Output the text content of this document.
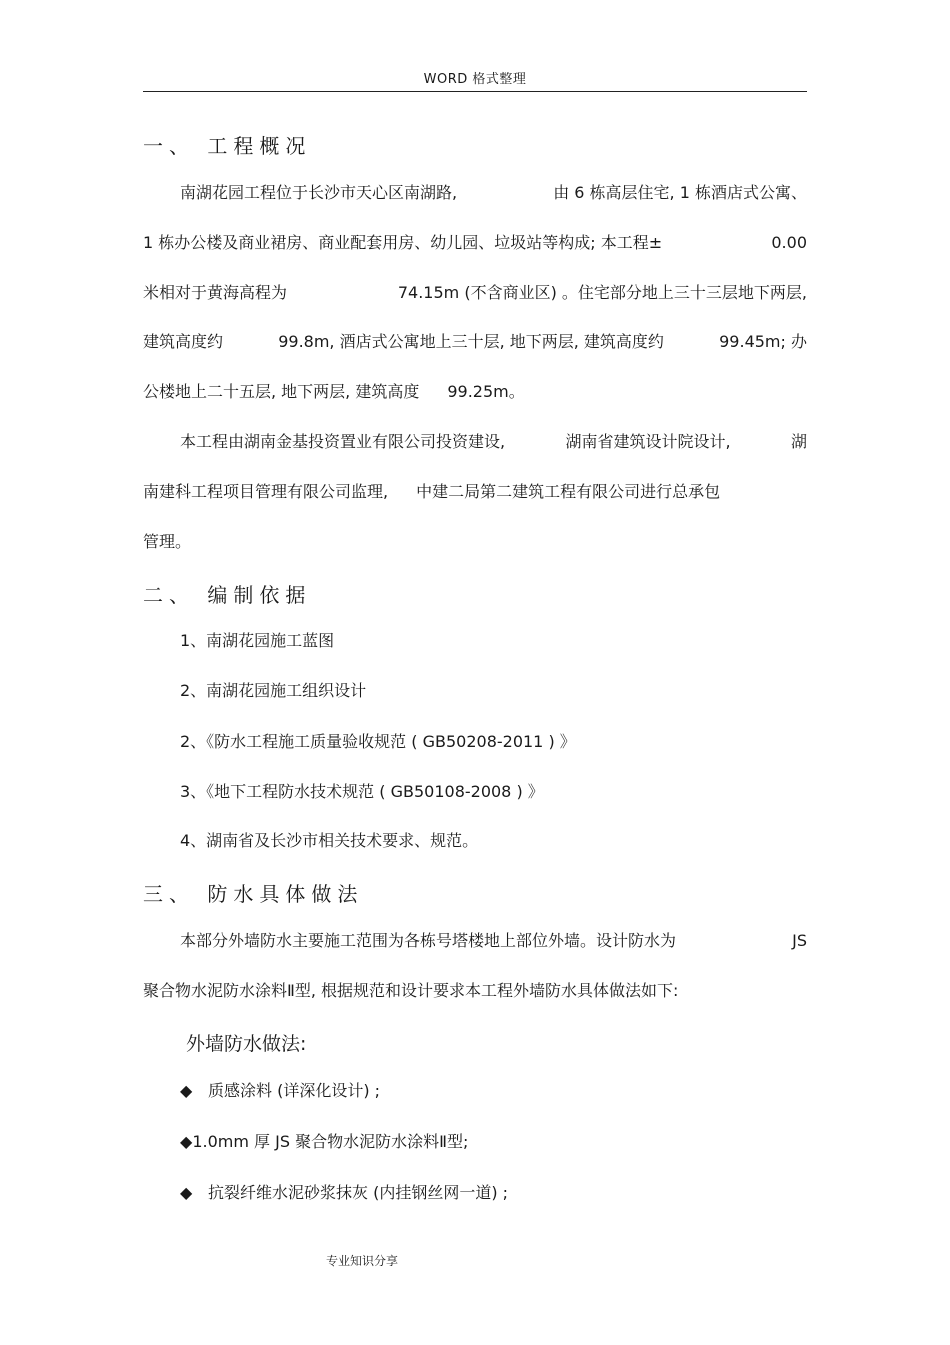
WORD 格式整理
一、 工程概况
南湖花园工程位于长沙市天心区南湖路,	由 6 栋高层住宅, 1 栋酒店式公寓、
1 栋办公楼及商业裙房、商业配套用房、幼儿园、垃圾站等构成; 本工程±	0.00
米相对于黄海高程为	74.15m (不含商业区) 。住宅部分地上三十三层地下两层,
建筑高度约	99.8m, 酒店式公寓地上三十层, 地下两层, 建筑高度约	99.45m; 办
公楼地上二十五层, 地下两层, 建筑高度 99.25m。
本工程由湖南金基投资置业有限公司投资建设,	湖南省建筑设计院设计,	湖
南建科工程项目管理有限公司监理, 中建二局第二建筑工程有限公司进行总承包
管理。
二、 编制依据
1、南湖花园施工蓝图
2、南湖花园施工组织设计
2、《防水工程施工质量验收规范 ( GB50208-2011 ) 》
3、《地下工程防水技术规范 ( GB50108-2008 ) 》
4、湖南省及长沙市相关技术要求、规范。
三、 防水具体做法
本部分外墙防水主要施工范围为各栋号塔楼地上部位外墙。设计防水为	JS
聚合物水泥防水涂料Ⅱ型, 根据规范和设计要求本工程外墙防水具体做法如下:
外墙防水做法:
◆ 质感涂料 (详深化设计) ;
◆1.0mm 厚 JS 聚合物水泥防水涂料Ⅱ型;
◆ 抗裂纤维水泥砂浆抹灰 (内挂钢丝网一道) ;
专业知识分享
